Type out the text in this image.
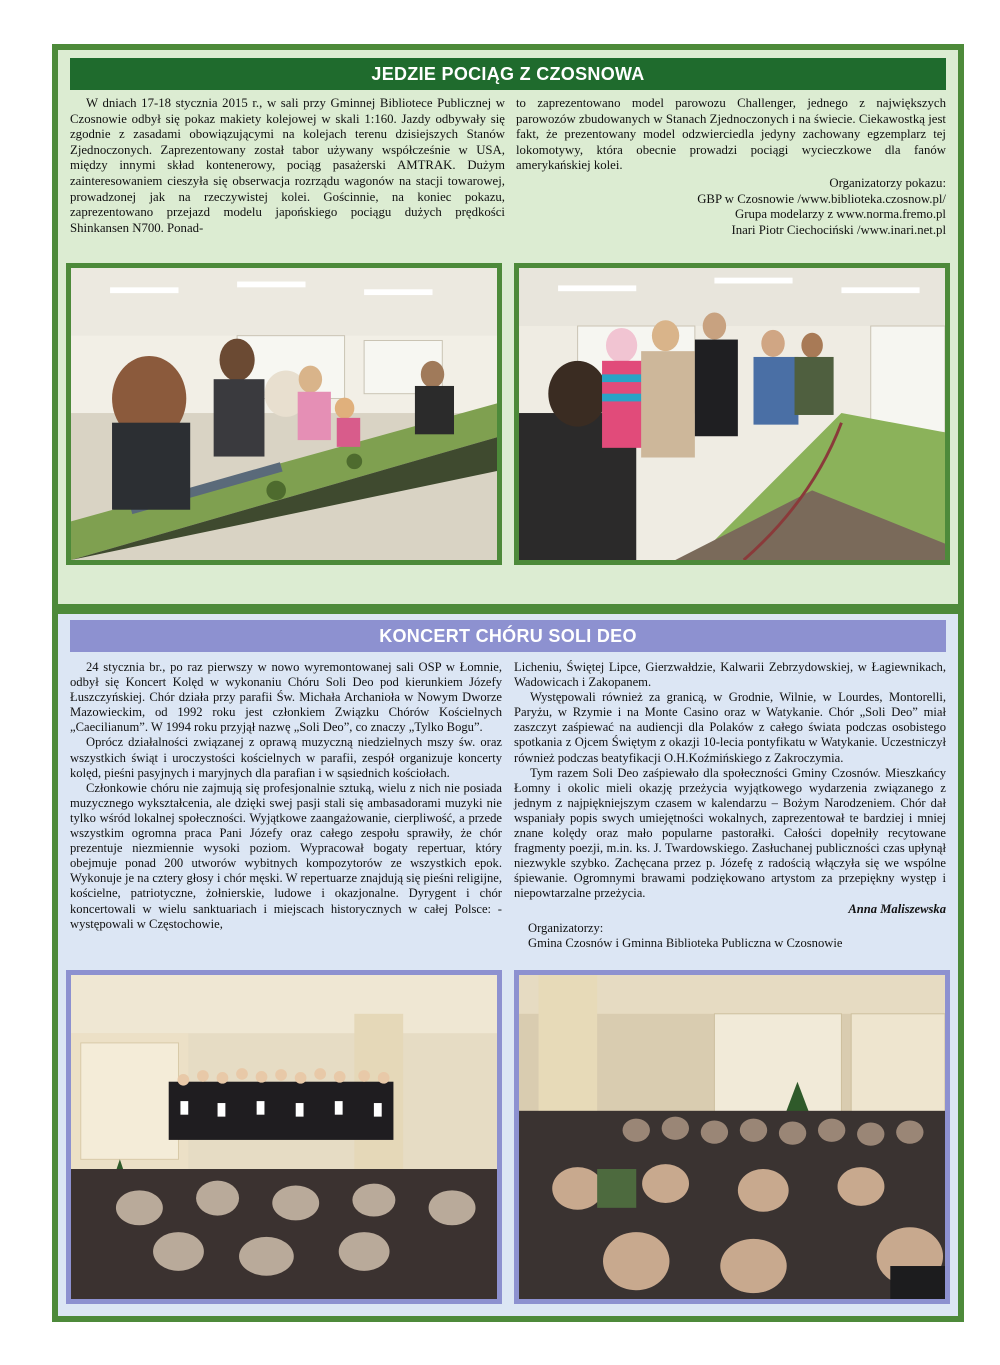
JEDZIE POCIĄG Z CZOSNOWA

W dniach 17-18 stycznia 2015 r., w sali przy Gminnej Bibliotece Publicznej w Czosnowie odbył się pokaz makiety kolejowej w skali 1:160. Jazdy odbywały się zgodnie z zasadami obowiązującymi na kolejach terenu dzisiejszych Stanów Zjednoczonych. Zaprezentowany został tabor używany współcześnie w USA, między innymi skład kontenerowy, pociąg pasażerski AMTRAK. Dużym zainteresowaniem cieszyła się obserwacja rozrządu wagonów na stacji towarowej, prowadzonej jak na rzeczywistej kolei. Gościnnie, na koniec pokazu, zaprezentowano przejazd modelu japońskiego pociągu dużych prędkości Shinkansen N700. Ponad-

to zaprezentowano model parowozu Challenger, jednego z największych parowozów zbudowanych w Stanach Zjednoczonych i na świecie. Ciekawostką jest fakt, że prezentowany model odzwierciedla jedyny zachowany egzemplarz tej lokomotywy, która obecnie prowadzi pociągi wycieczkowe dla fanów amerykańskiej kolei.

Organizatorzy pokazu:
GBP w Czosnowie /www.biblioteka.czosnow.pl/
Grupa modelarzy z www.norma.fremo.pl
Inari Piotr Ciechociński /www.inari.net.pl
KONCERT CHÓRU SOLI DEO

24 stycznia br., po raz pierwszy w nowo wyremontowanej sali OSP w Łomnie, odbył się Koncert Kolęd w wykonaniu Chóru Soli Deo pod kierunkiem Józefy Łuszczyńskiej. Chór działa przy parafii Św. Michała Archanioła w Nowym Dworze Mazowieckim, od 1992 roku jest członkiem Związku Chórów Kościelnych „Caecilianum”. W 1994 roku przyjął nazwę „Soli Deo”, co znaczy „Tylko Bogu”.

Oprócz działalności związanej z oprawą muzyczną niedzielnych mszy św. oraz wszystkich świąt i uroczystości kościelnych w parafii, zespół organizuje koncerty kolęd, pieśni pasyjnych i maryjnych dla parafian i w sąsiednich kościołach.

Członkowie chóru nie zajmują się profesjonalnie sztuką, wielu z nich nie posiada muzycznego wykształcenia, ale dzięki swej pasji stali się ambasadorami muzyki nie tylko wśród lokalnej społeczności. Wyjątkowe zaangażowanie, cierpliwość, a przede wszystkim ogromna praca Pani Józefy oraz całego zespołu sprawiły, że chór prezentuje niezmiennie wysoki poziom. Wypracował bogaty repertuar, który obejmuje ponad 200 utworów wybitnych kompozytorów ze wszystkich epok. Wykonuje je na cztery głosy i chór męski. W repertuarze znajdują się pieśni religijne, kościelne, patriotyczne, żołnierskie, ludowe i okazjonalne. Dyrygent i chór koncertowali w wielu sanktuariach i miejscach historycznych w całej Polsce: - występowali w Częstochowie,

Licheniu, Świętej Lipce, Gierzwałdzie, Kalwarii Zebrzydowskiej, w Łagiewnikach, Wadowicach i Zakopanem.

Występowali również za granicą, w Grodnie, Wilnie, w Lourdes, Montorelli, Paryżu, w Rzymie i na Monte Casino oraz w Watykanie. Chór „Soli Deo” miał zaszczyt zaśpiewać na audiencji dla Polaków z całego świata podczas osobistego spotkania z Ojcem Świętym z okazji 10-lecia pontyfikatu w Watykanie. Uczestniczył również podczas beatyfikacji O.H.Koźmińskiego z Zakroczymia.

Tym razem Soli Deo zaśpiewało dla społeczności Gminy Czosnów. Mieszkańcy Łomny i okolic mieli okazję przeżycia wyjątkowego wydarzenia związanego z jednym z najpiękniejszym czasem w kalendarzu – Bożym Narodzeniem. Chór dał wspaniały popis swych umiejętności wokalnych, zaprezentował te bardziej i mniej znane kolędy oraz mało popularne pastorałki. Całości dopełniły recytowane fragmenty poezji, m.in. ks. J. Twardowskiego. Zasłuchanej publiczności czas upłynął niezwykle szybko. Zachęcana przez p. Józefę z radością włączyła się we wspólne śpiewanie. Ogromnymi brawami podziękowano artystom za przepiękny występ i niepowtarzalne przeżycia.

Anna Maliszewska
Organizatorzy:
Gmina Czosnów i Gminna Biblioteka Publiczna w Czosnowie
